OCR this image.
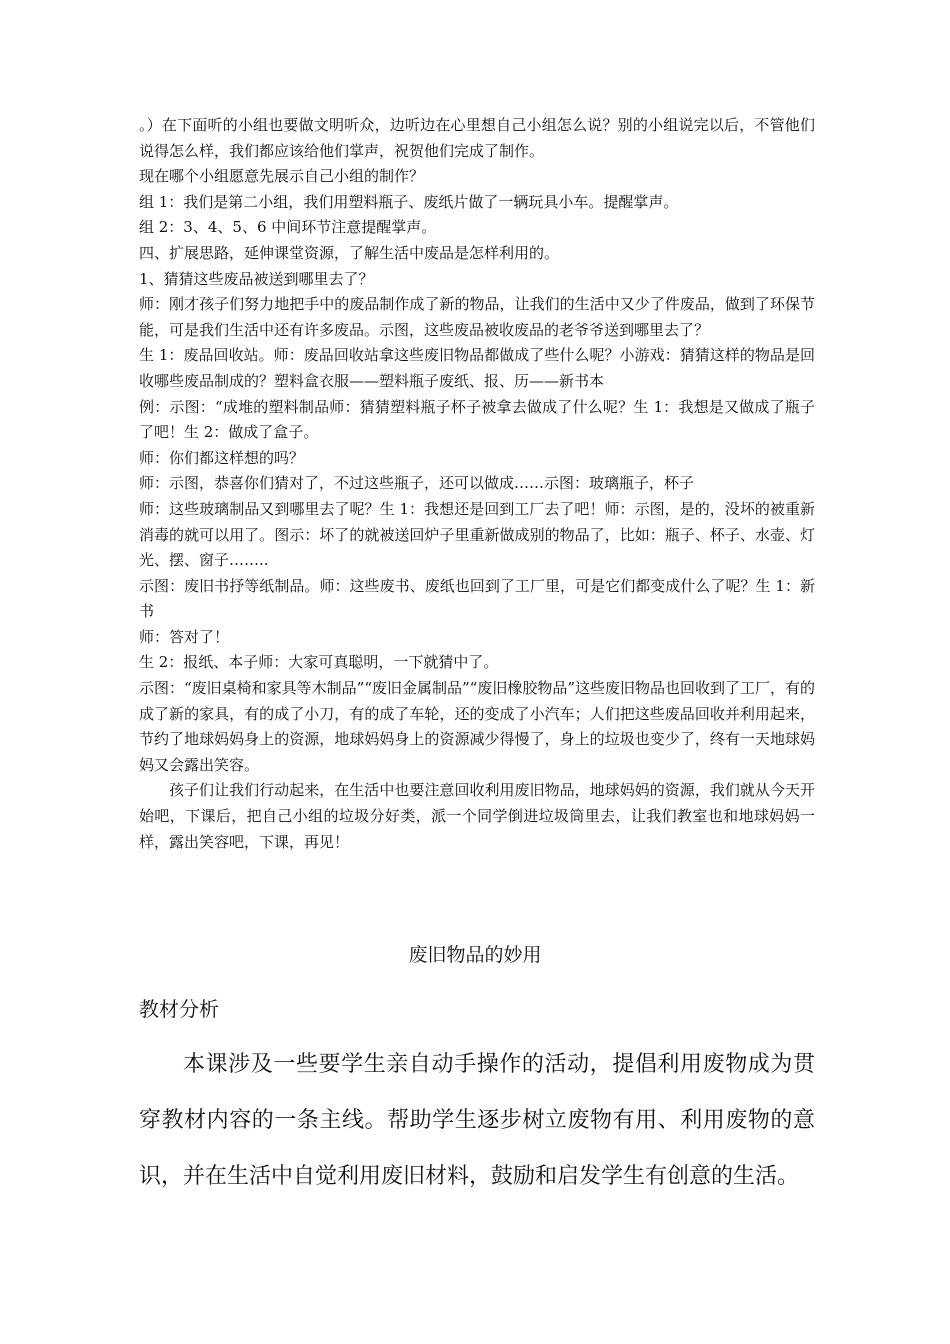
。）在下面听的小组也要做文明听众，边听边在心里想自己小组怎么说？别的小组说完以后，不管他们说得怎么样，我们都应该给他们掌声，祝贺他们完成了制作。

现在哪个小组愿意先展示自己小组的制作？

组 1：我们是第二小组，我们用塑料瓶子、废纸片做了一辆玩具小车。提醒掌声。

组 2：3、4、5、6 中间环节注意提醒掌声。

四、扩展思路，延伸课堂资源，了解生活中废品是怎样利用的。

1、猜猜这些废品被送到哪里去了？

师：刚才孩子们努力地把手中的废品制作成了新的物品，让我们的生活中又少了件废品，做到了环保节能，可是我们生活中还有许多废品。示图，这些废品被收废品的老爷爷送到哪里去了？

生 1：废品回收站。师：废品回收站拿这些废旧物品都做成了些什么呢？小游戏：猜猜这样的物品是回收哪些废品制成的？塑料盒衣服——塑料瓶子废纸、报、历——新书本

例：示图：“成堆的塑料制品师：猜猜塑料瓶子杯子被拿去做成了什么呢？生 1：我想是又做成了瓶子了吧！生 2：做成了盒子。

师：你们都这样想的吗？

师：示图，恭喜你们猜对了，不过这些瓶子，还可以做成……示图：玻璃瓶子，杯子

师：这些玻璃制品又到哪里去了呢？生 1：我想还是回到工厂去了吧！师：示图，是的，没坏的被重新消毒的就可以用了。图示：坏了的就被送回炉子里重新做成别的物品了，比如：瓶子、杯子、水壶、灯光、摆、窗子……..

示图：废旧书抒等纸制品。师：这些废书、废纸也回到了工厂里，可是它们都变成什么了呢？生 1：新书

师：答对了！

生 2：报纸、本子师：大家可真聪明，一下就猜中了。

示图：“废旧桌椅和家具等木制品”“废旧金属制品”“废旧橡胶物品”这些废旧物品也回收到了工厂，有的成了新的家具，有的成了小刀，有的成了车轮，还的变成了小汽车；人们把这些废品回收并利用起来，节约了地球妈妈身上的资源，地球妈妈身上的资源减少得慢了，身上的垃圾也变少了，终有一天地球妈妈又会露出笑容。

孩子们让我们行动起来，在生活中也要注意回收利用废旧物品，地球妈妈的资源，我们就从今天开始吧，下课后，把自己小组的垃圾分好类，派一个同学倒进垃圾筒里去，让我们教室也和地球妈妈一样，露出笑容吧，下课，再见！

废旧物品的妙用
教材分析

本课涉及一些要学生亲自动手操作的活动，提倡利用废物成为贯穿教材内容的一条主线。帮助学生逐步树立废物有用、利用废物的意识，并在生活中自觉利用废旧材料，鼓励和启发学生有创意的生活。
